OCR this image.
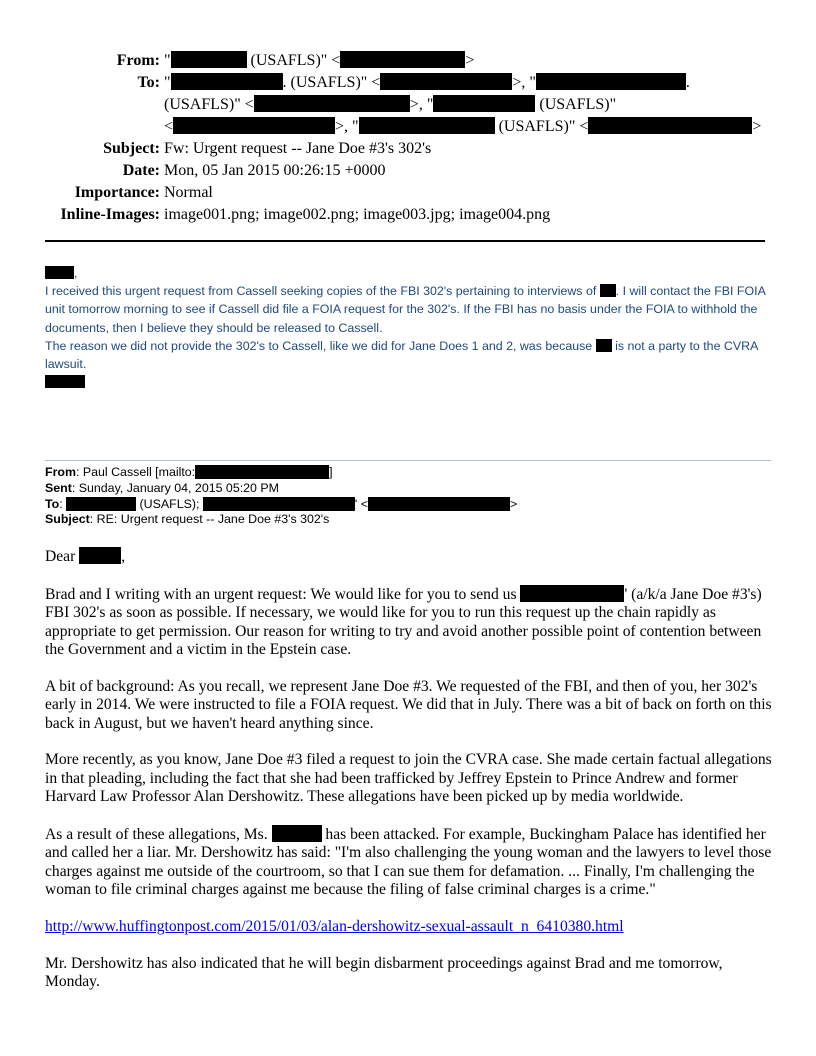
From: "	(USAFLS)" <	>
To: "	. (USAFLS)" <	>, "	.
(USAFLS)" <	>, "	(USAFLS)"
<	>, "	(USAFLS)" <	>
Subject: Fw: Urgent request -- Jane Doe #3's 302's
Date: Mon, 05 Jan 2015 00:26:15 +0000
Importance: Normal
Inline-Images: image001.png; image002.png; image003.jpg; image004.png
,
I received this urgent request from Cassell seeking copies of the FBI 302's pertaining to interviews of . I will contact the FBI FOIA unit tomorrow morning to see if Cassell did file a FOIA request for the 302's. If the FBI has no basis under the FOIA to withhold the documents, then I believe they should be released to Cassell.
The reason we did not provide the 302's to Cassell, like we did for Jane Does 1 and 2, was because  is not a party to the CVRA lawsuit.
From: Paul Cassell [mailto:	]
Sent: Sunday, January 04, 2015 05:20 PM
To:	(USAFLS);	' <	>
Subject: RE: Urgent request -- Jane Doe #3's 302's

Dear	,

Brad and I writing with an urgent request: We would like for you to send us	' (a/k/a Jane Doe #3's) FBI 302's as soon as possible. If necessary, we would like for you to run this request up the chain rapidly as appropriate to get permission. Our reason for writing to try and avoid another possible point of contention between the Government and a victim in the Epstein case.

A bit of background: As you recall, we represent Jane Doe #3. We requested of the FBI, and then of you, her 302's early in 2014. We were instructed to file a FOIA request. We did that in July. There was a bit of back on forth on this back in August, but we haven't heard anything since.

More recently, as you know, Jane Doe #3 filed a request to join the CVRA case. She made certain factual allegations in that pleading, including the fact that she had been trafficked by Jeffrey Epstein to Prince Andrew and former Harvard Law Professor Alan Dershowitz. These allegations have been picked up by media worldwide.

As a result of these allegations, Ms.	has been attacked. For example, Buckingham Palace has identified her and called her a liar. Mr. Dershowitz has said: "I'm also challenging the young woman and the lawyers to level those charges against me outside of the courtroom, so that I can sue them for defamation. ... Finally, I'm challenging the woman to file criminal charges against me because the filing of false criminal charges is a crime."

http://www.huffingtonpost.com/2015/01/03/alan-dershowitz-sexual-assault_n_6410380.html

Mr. Dershowitz has also indicated that he will begin disbarment proceedings against Brad and me tomorrow, Monday.
